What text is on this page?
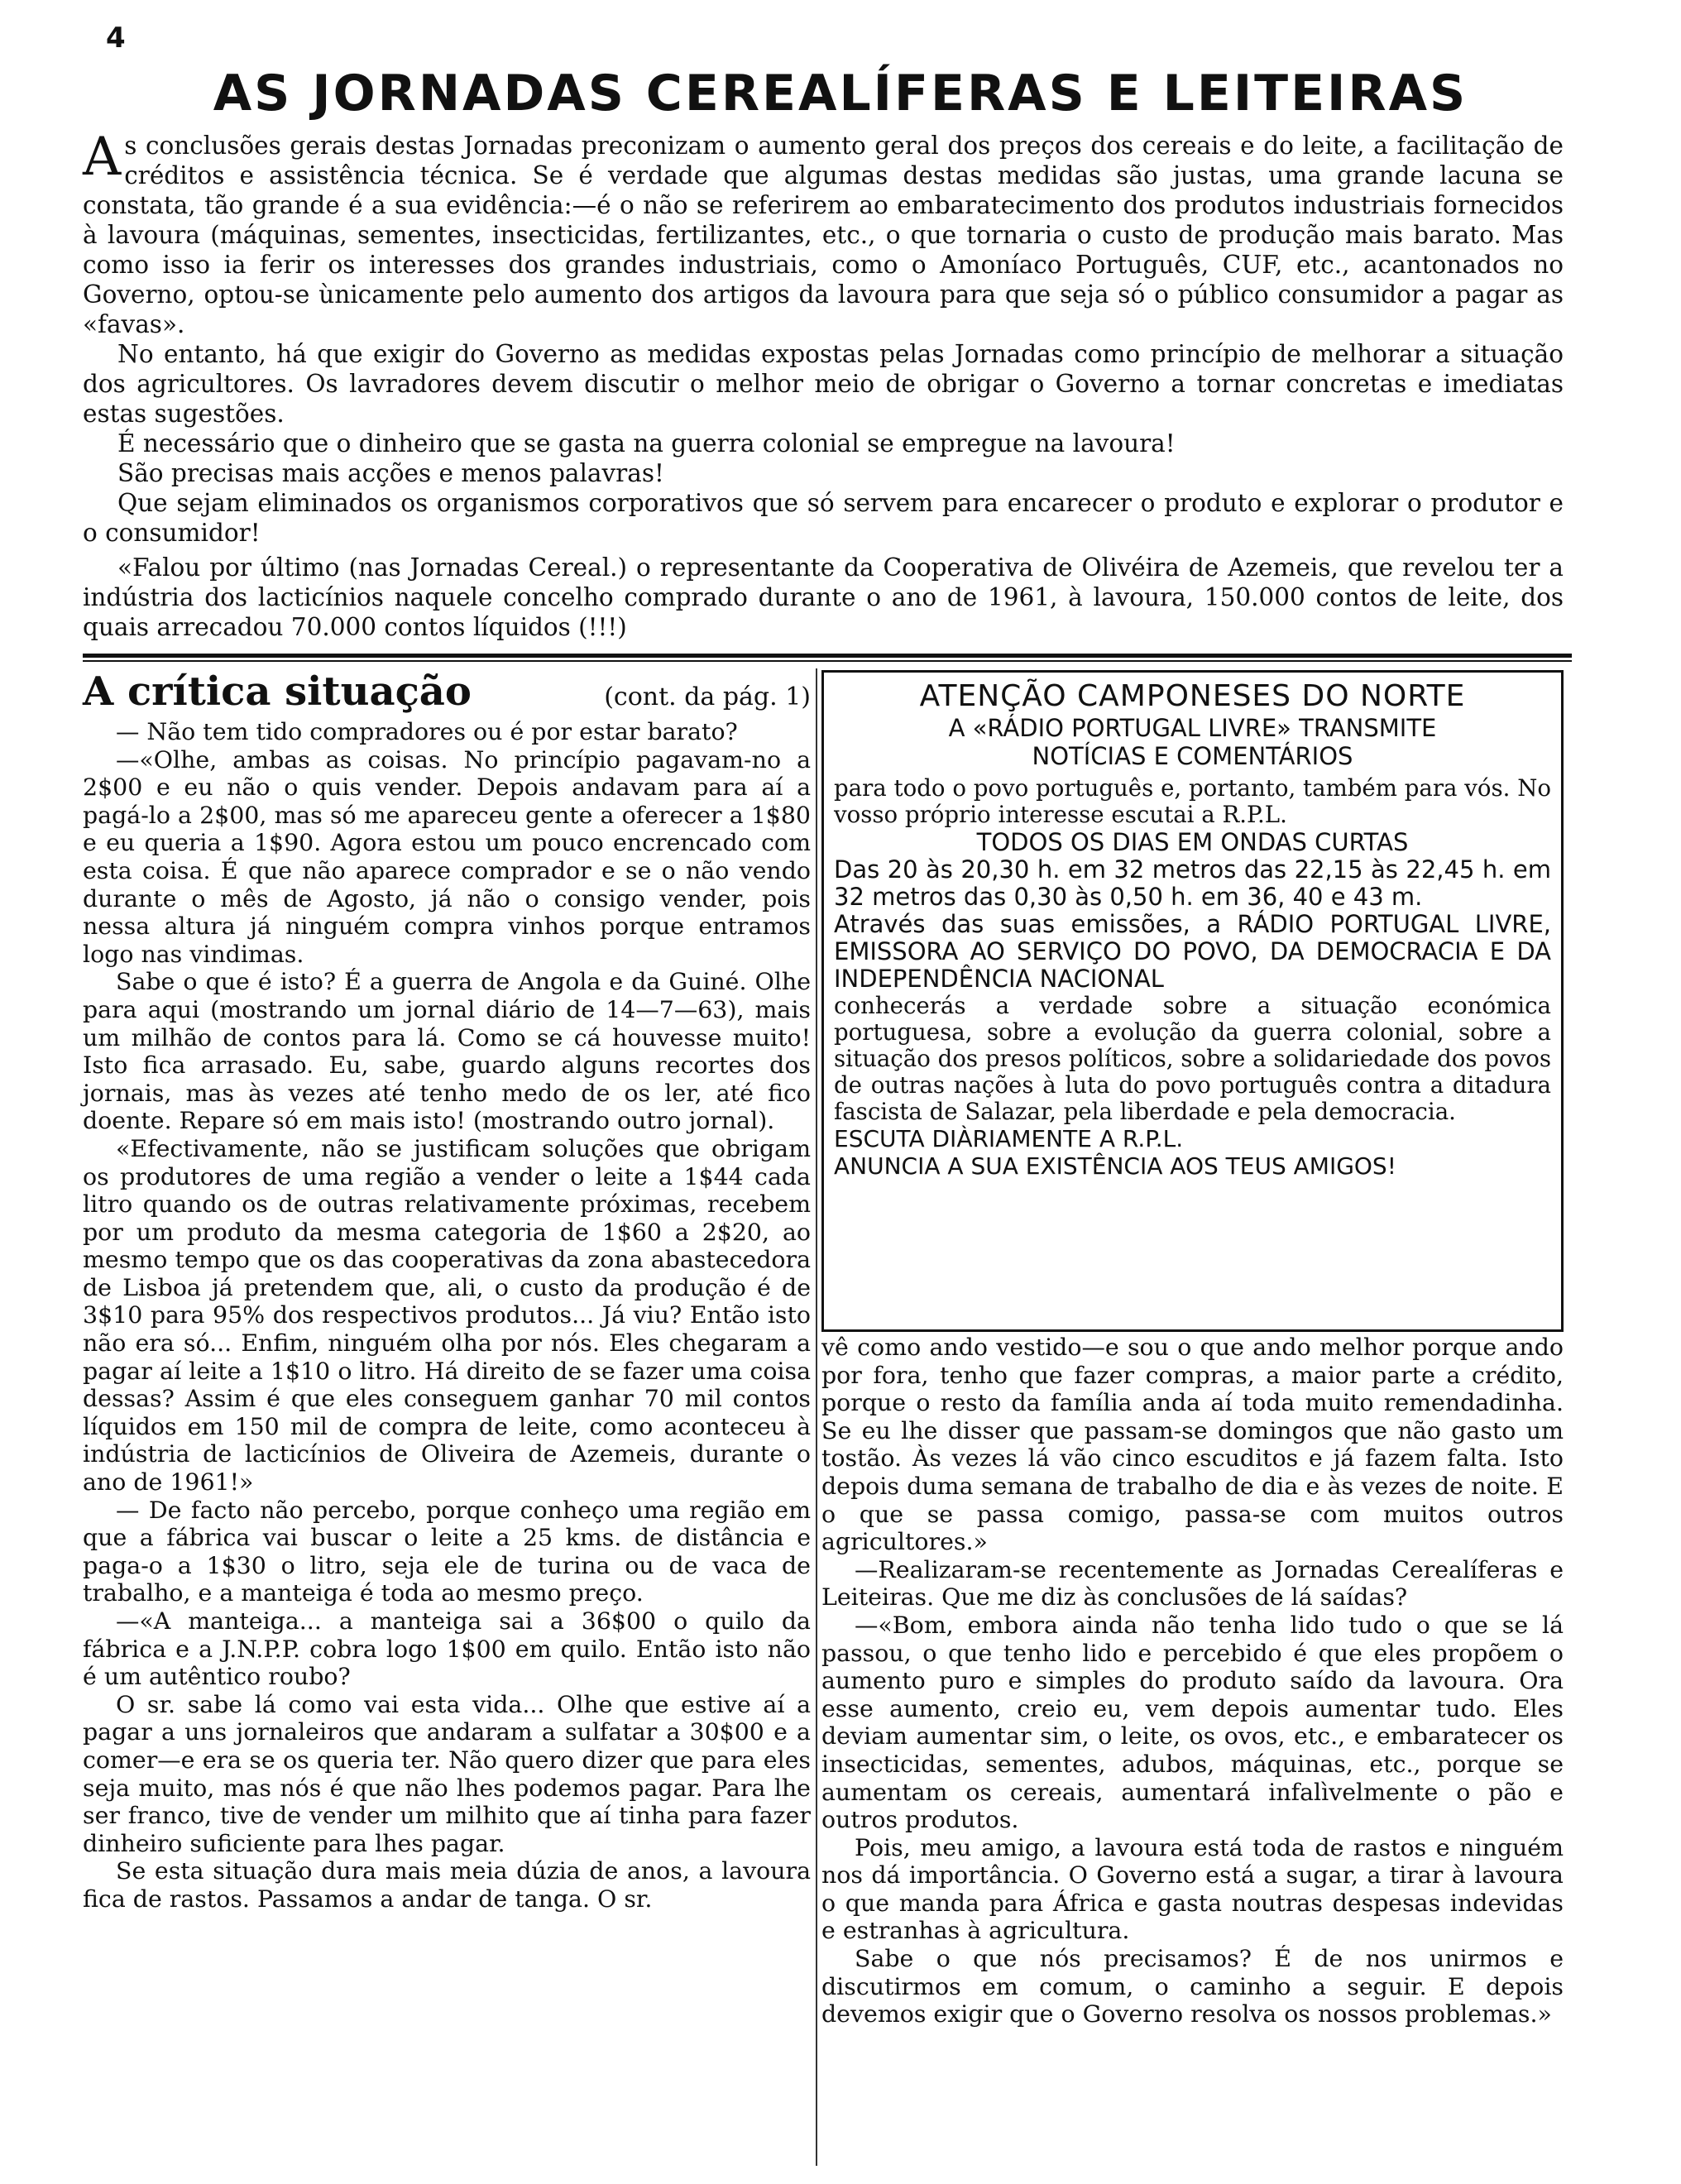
4
AS JORNADAS CEREALÍFERAS E LEITEIRAS

As conclusões gerais destas Jornadas preconizam o aumento geral dos preços dos cereais e do leite, a facilitação de créditos e assistência técnica. Se é verdade que algumas destas medidas são justas, uma grande lacuna se constata, tão grande é a sua evidência:—é o não se referirem ao embaratecimento dos produtos industriais fornecidos à lavoura (máquinas, sementes, insecticidas, fertilizantes, etc., o que tornaria o custo de produção mais barato. Mas como isso ia ferir os interesses dos grandes industriais, como o Amoníaco Português, CUF, etc., acantonados no Governo, optou-se ùnicamente pelo aumento dos artigos da lavoura para que seja só o público consumidor a pagar as «favas».

No entanto, há que exigir do Governo as medidas expostas pelas Jornadas como princípio de melhorar a situação dos agricultores. Os lavradores devem discutir o melhor meio de obrigar o Governo a tornar concretas e imediatas estas sugestões.

É necessário que o dinheiro que se gasta na guerra colonial se empregue na lavoura!

São precisas mais acções e menos palavras!

Que sejam eliminados os organismos corporativos que só servem para encarecer o produto e explorar o produtor e o consumidor!

«Falou por último (nas Jornadas Cereal.) o representante da Cooperativa de Olivéira de Azemeis, que revelou ter a indústria dos lacticínios naquele concelho comprado durante o ano de 1961, à lavoura, 150.000 contos de leite, dos quais arrecadou 70.000 contos líquidos (!!!)
A crítica situação	(cont. da pág. 1)

— Não tem tido compradores ou é por estar barato?

—«Olhe, ambas as coisas. No princípio pagavam-no a 2$00 e eu não o quis vender. Depois andavam para aí a pagá-lo a 2$00, mas só me apareceu gente a oferecer a 1$80 e eu queria a 1$90. Agora estou um pouco encrencado com esta coisa. É que não aparece comprador e se o não vendo durante o mês de Agosto, já não o consigo vender, pois nessa altura já ninguém compra vinhos porque entramos logo nas vindimas.

Sabe o que é isto? É a guerra de Angola e da Guiné. Olhe para aqui (mostrando um jornal diário de 14—7—63), mais um milhão de contos para lá. Como se cá houvesse muito! Isto fica arrasado. Eu, sabe, guardo alguns recortes dos jornais, mas às vezes até tenho medo de os ler, até fico doente. Repare só em mais isto! (mostrando outro jornal).

«Efectivamente, não se justificam soluções que obrigam os produtores de uma região a vender o leite a 1$44 cada litro quando os de outras relativamente próximas, recebem por um produto da mesma categoria de 1$60 a 2$20, ao mesmo tempo que os das cooperativas da zona abastecedora de Lisboa já pretendem que, ali, o custo da produção é de 3$10 para 95% dos respectivos produtos... Já viu? Então isto não era só... Enfim, ninguém olha por nós. Eles chegaram a pagar aí leite a 1$10 o litro. Há direito de se fazer uma coisa dessas? Assim é que eles conseguem ganhar 70 mil contos líquidos em 150 mil de compra de leite, como aconteceu à indústria de lacticínios de Oliveira de Azemeis, durante o ano de 1961!»

— De facto não percebo, porque conheço uma região em que a fábrica vai buscar o leite a 25 kms. de distância e paga-o a 1$30 o litro, seja ele de turina ou de vaca de trabalho, e a manteiga é toda ao mesmo preço.

—«A manteiga... a manteiga sai a 36$00 o quilo da fábrica e a J.N.P.P. cobra logo 1$00 em quilo. Então isto não é um autêntico roubo?

O sr. sabe lá como vai esta vida... Olhe que estive aí a pagar a uns jornaleiros que andaram a sulfatar a 30$00 e a comer—e era se os queria ter. Não quero dizer que para eles seja muito, mas nós é que não lhes podemos pagar. Para lhe ser franco, tive de vender um milhito que aí tinha para fazer dinheiro suficiente para lhes pagar.

Se esta situação dura mais meia dúzia de anos, a lavoura fica de rastos. Passamos a andar de tanga. O sr.

ATENÇÃO CAMPONESES DO NORTE
A «RÁDIO PORTUGAL LIVRE» TRANSMITE
NOTÍCIAS E COMENTÁRIOS

para todo o povo português e, portanto, também para vós. No vosso próprio interesse escutai a R.P.L.

TODOS OS DIAS EM ONDAS CURTAS

Das 20 às 20,30 h. em 32 metros das 22,15 às 22,45 h. em 32 metros das 0,30 às 0,50 h. em 36, 40 e 43 m.

Através das suas emissões, a RÁDIO PORTUGAL LIVRE, EMISSORA AO SERVIÇO DO POVO, DA DEMOCRACIA E DA INDEPENDÊNCIA NACIONAL

conhecerás a verdade sobre a situação económica portuguesa, sobre a evolução da guerra colonial, sobre a situação dos presos políticos, sobre a solidariedade dos povos de outras nações à luta do povo português contra a ditadura fascista de Salazar, pela liberdade e pela democracia.

ESCUTA DIÀRIAMENTE A R.P.L.

ANUNCIA A SUA EXISTÊNCIA AOS TEUS AMIGOS!

vê como ando vestido—e sou o que ando melhor porque ando por fora, tenho que fazer compras, a maior parte a crédito, porque o resto da família anda aí toda muito remendadinha. Se eu lhe disser que passam-se domingos que não gasto um tostão. Às vezes lá vão cinco escuditos e já fazem falta. Isto depois duma semana de trabalho de dia e às vezes de noite. E o que se passa comigo, passa-se com muitos outros agricultores.»

—Realizaram-se recentemente as Jornadas Cerealíferas e Leiteiras. Que me diz às conclusões de lá saídas?

—«Bom, embora ainda não tenha lido tudo o que se lá passou, o que tenho lido e percebido é que eles propõem o aumento puro e simples do produto saído da lavoura. Ora esse aumento, creio eu, vem depois aumentar tudo. Eles deviam aumentar sim, o leite, os ovos, etc., e embaratecer os insecticidas, sementes, adubos, máquinas, etc., porque se aumentam os cereais, aumentará infalìvelmente o pão e outros produtos.

Pois, meu amigo, a lavoura está toda de rastos e ninguém nos dá importância. O Governo está a sugar, a tirar à lavoura o que manda para África e gasta noutras despesas indevidas e estranhas à agricultura.

Sabe o que nós precisamos? É de nos unirmos e discutirmos em comum, o caminho a seguir. E depois devemos exigir que o Governo resolva os nossos problemas.»
